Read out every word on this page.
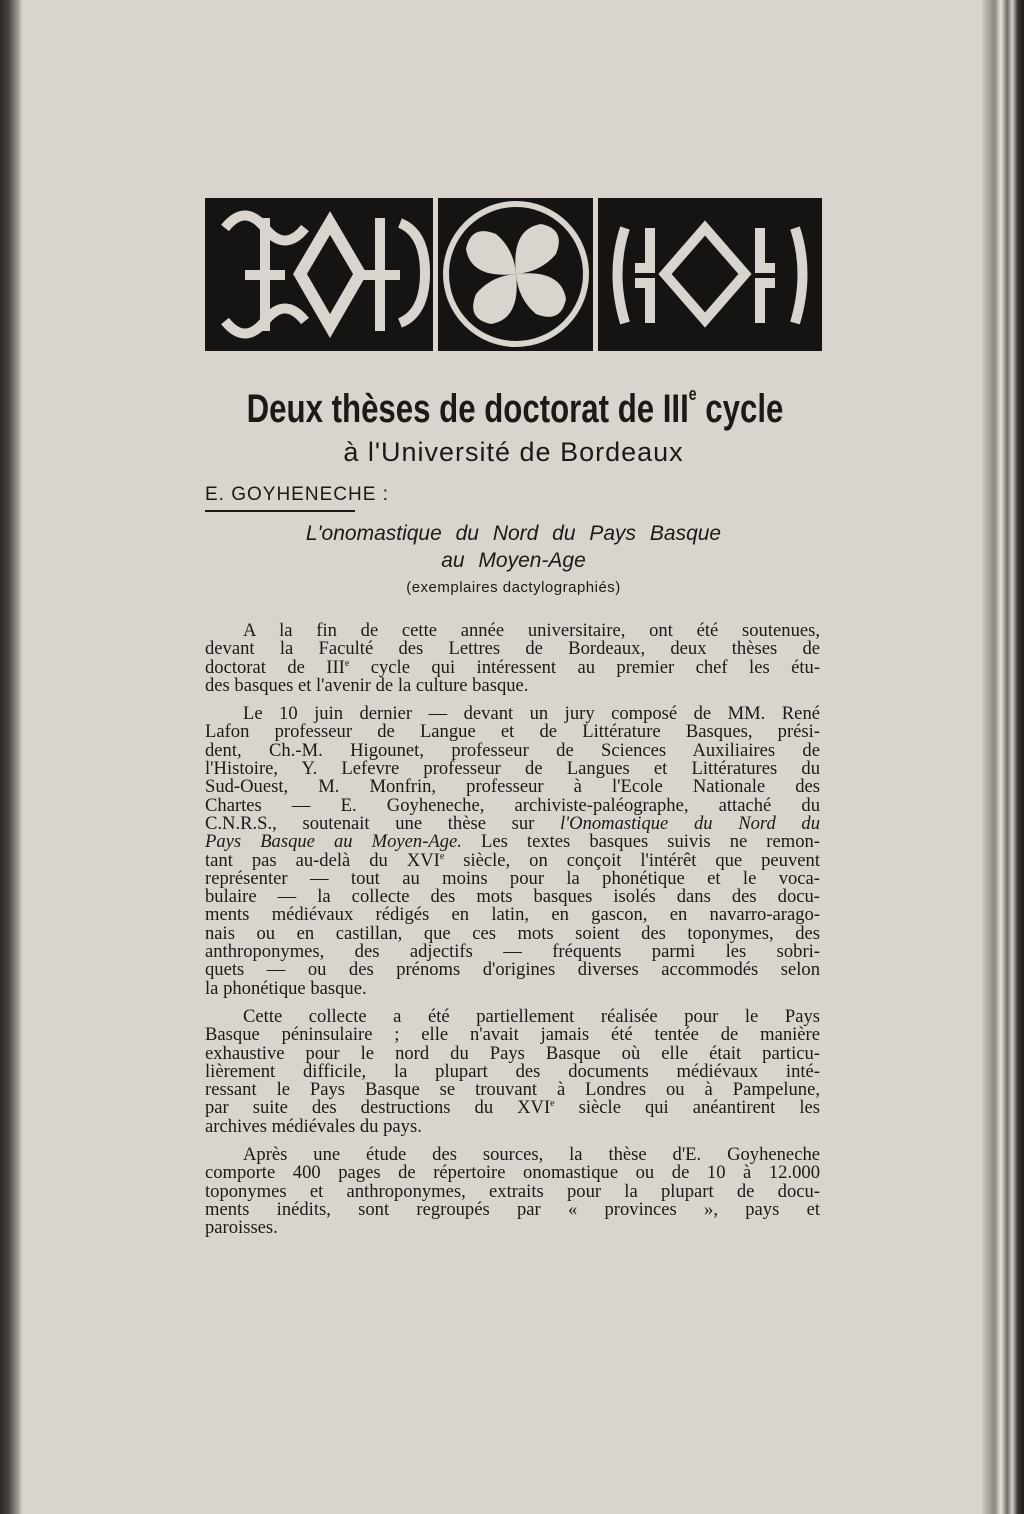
Deux thèses de doctorat de IIIe cycle
à l'Université de Bordeaux
E. GOYHENECHE :
L'onomastique du Nord du Pays Basque
au Moyen-Age
(exemplaires dactylographiés)
A la fin de cette année universitaire, ont été soutenues,
devant la Faculté des Lettres de Bordeaux, deux thèses de
doctorat de IIIe cycle qui intéressent au premier chef les étu-
des basques et l'avenir de la culture basque.
Le 10 juin dernier — devant un jury composé de MM. René
Lafon professeur de Langue et de Littérature Basques, prési-
dent, Ch.-M. Higounet, professeur de Sciences Auxiliaires de
l'Histoire, Y. Lefevre professeur de Langues et Littératures du
Sud-Ouest, M. Monfrin, professeur à l'Ecole Nationale des
Chartes — E. Goyheneche, archiviste-paléographe, attaché du
C.N.R.S., soutenait une thèse sur l'Onomastique du Nord du
Pays Basque au Moyen-Age. Les textes basques suivis ne remon-
tant pas au-delà du XVIe siècle, on conçoit l'intérêt que peuvent
représenter — tout au moins pour la phonétique et le voca-
bulaire — la collecte des mots basques isolés dans des docu-
ments médiévaux rédigés en latin, en gascon, en navarro-arago-
nais ou en castillan, que ces mots soient des toponymes, des
anthroponymes, des adjectifs — fréquents parmi les sobri-
quets — ou des prénoms d'origines diverses accommodés selon
la phonétique basque.
Cette collecte a été partiellement réalisée pour le Pays
Basque péninsulaire ; elle n'avait jamais été tentée de manière
exhaustive pour le nord du Pays Basque où elle était particu-
lièrement difficile, la plupart des documents médiévaux inté-
ressant le Pays Basque se trouvant à Londres ou à Pampelune,
par suite des destructions du XVIe siècle qui anéantirent les
archives médiévales du pays.
Après une étude des sources, la thèse d'E. Goyheneche
comporte 400 pages de répertoire onomastique ou de 10 à 12.000
toponymes et anthroponymes, extraits pour la plupart de docu-
ments inédits, sont regroupés par « provinces », pays et
paroisses.
